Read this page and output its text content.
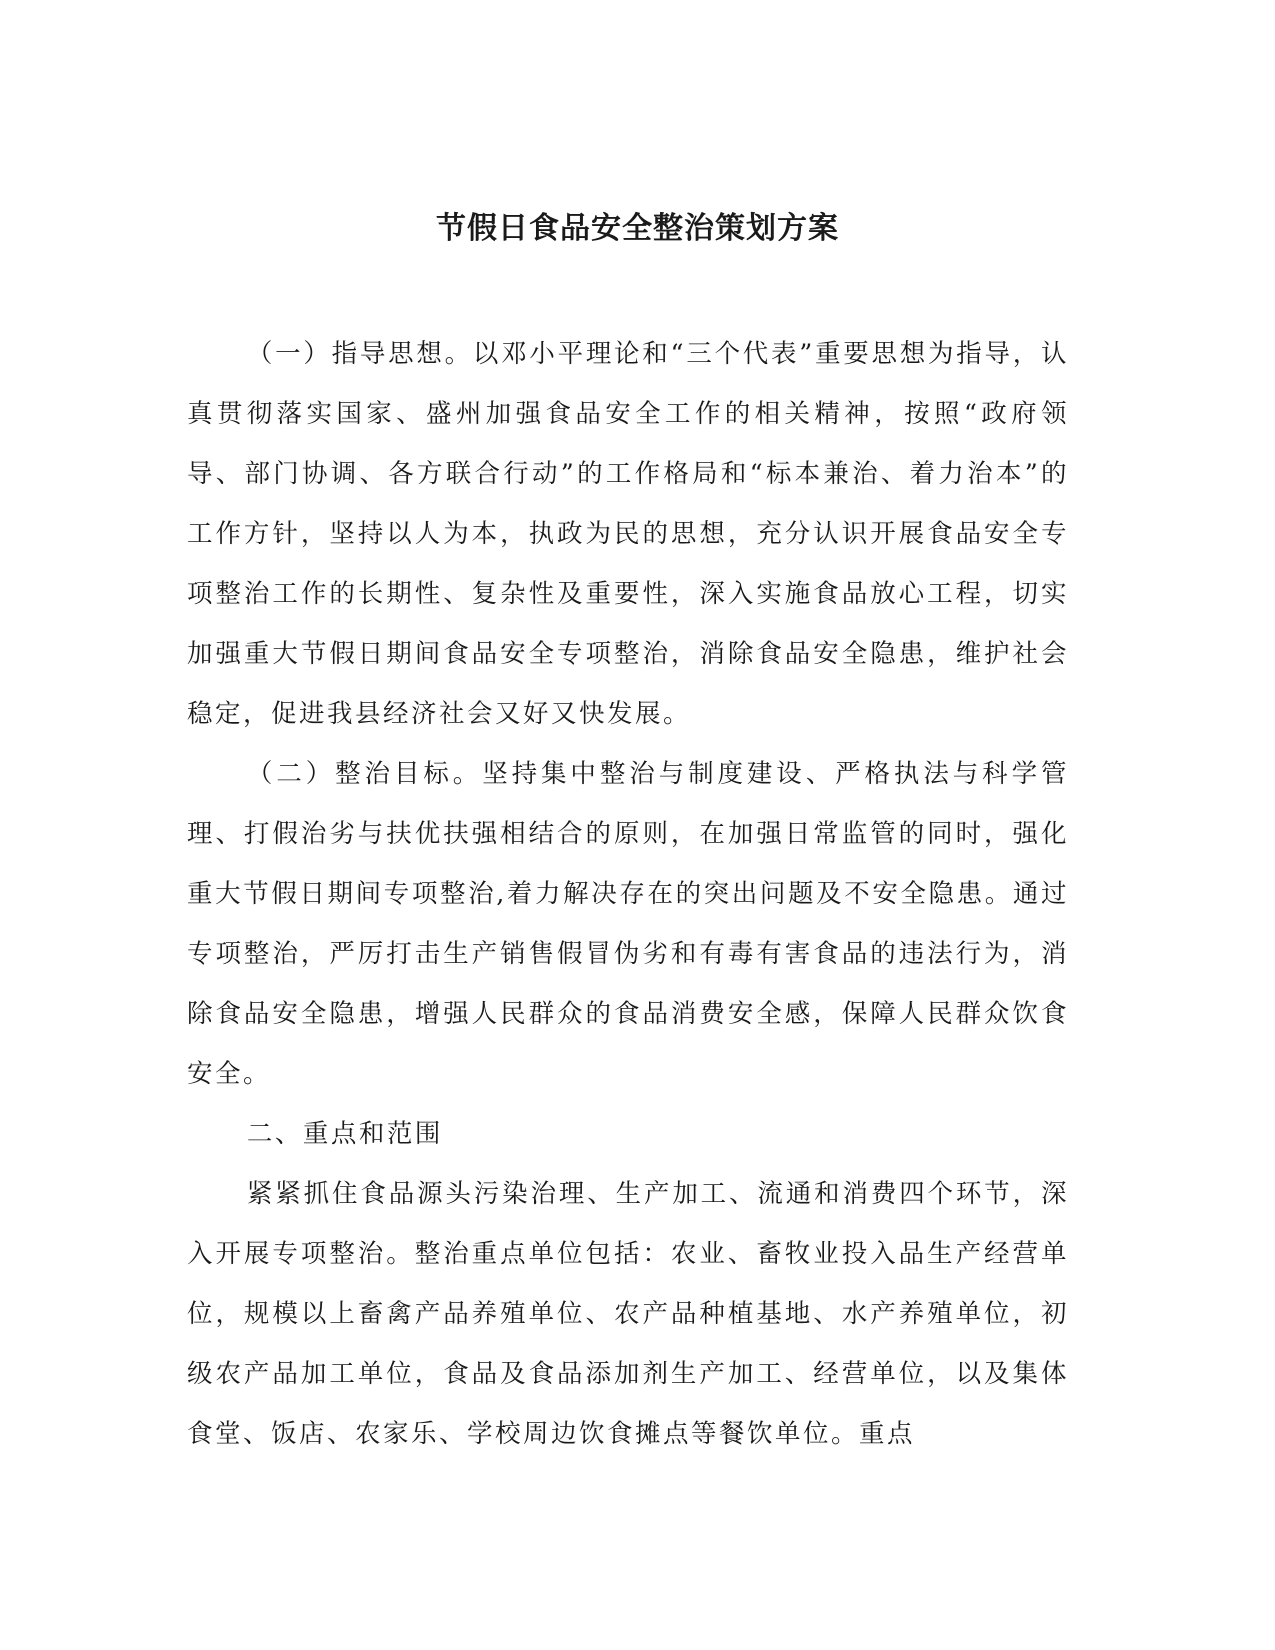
节假日食品安全整治策划方案

（一）指导思想。以邓小平理论和“三个代表”重要思想为指导，认真贯彻落实国家、盛州加强食品安全工作的相关精神，按照“政府领导、部门协调、各方联合行动”的工作格局和“标本兼治、着力治本”的工作方针，坚持以人为本，执政为民的思想，充分认识开展食品安全专项整治工作的长期性、复杂性及重要性，深入实施食品放心工程，切实加强重大节假日期间食品安全专项整治，消除食品安全隐患，维护社会稳定，促进我县经济社会又好又快发展。

（二）整治目标。坚持集中整治与制度建设、严格执法与科学管理、打假治劣与扶优扶强相结合的原则，在加强日常监管的同时，强化重大节假日期间专项整治,着力解决存在的突出问题及不安全隐患。通过专项整治，严厉打击生产销售假冒伪劣和有毒有害食品的违法行为，消除食品安全隐患，增强人民群众的食品消费安全感，保障人民群众饮食安全。

二、重点和范围

紧紧抓住食品源头污染治理、生产加工、流通和消费四个环节，深入开展专项整治。整治重点单位包括：农业、畜牧业投入品生产经营单位，规模以上畜禽产品养殖单位、农产品种植基地、水产养殖单位，初级农产品加工单位，食品及食品添加剂生产加工、经营单位，以及集体食堂、饭店、农家乐、学校周边饮食摊点等餐饮单位。重点
